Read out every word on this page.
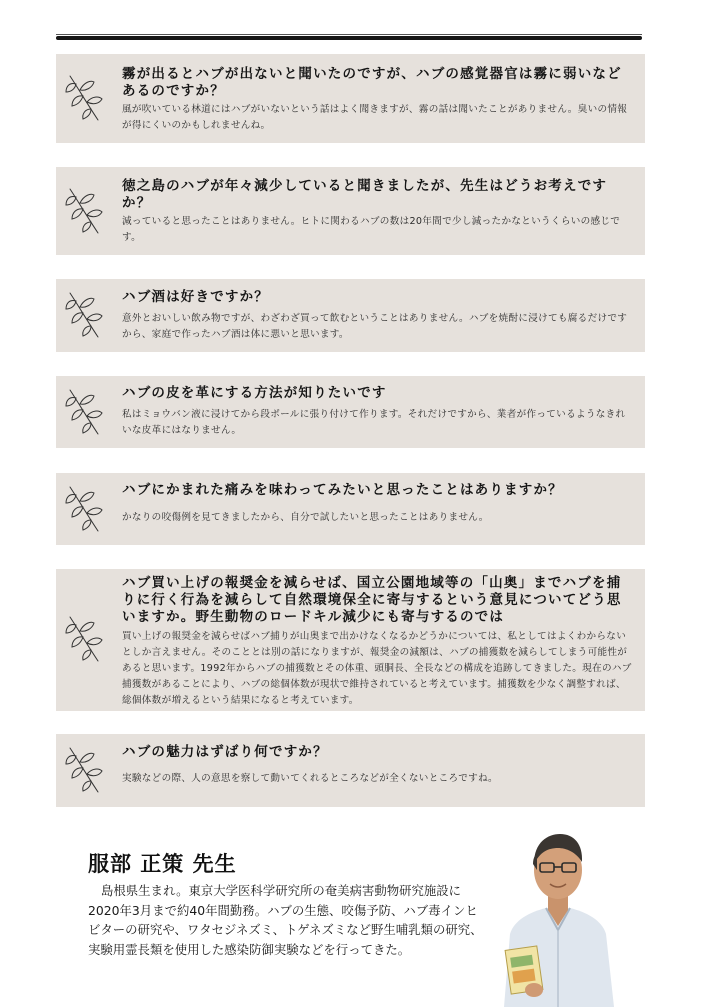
霧が出るとハブが出ないと聞いたのですが、ハブの感覚器官は霧に弱いなどあるのですか？

風が吹いている林道にはハブがいないという話はよく聞きますが、霧の話は聞いたことがありません。臭いの情報が得にくいのかもしれませんね。

徳之島のハブが年々減少していると聞きましたが、先生はどうお考えですか？

減っていると思ったことはありません。ヒトに関わるハブの数は20年間で少し減ったかなというくらいの感じです。

ハブ酒は好きですか？

意外とおいしい飲み物ですが、わざわざ買って飲むということはありません。ハブを焼酎に浸けても腐るだけですから、家庭で作ったハブ酒は体に悪いと思います。

ハブの皮を革にする方法が知りたいです

私はミョウバン液に浸けてから段ボールに張り付けて作ります。それだけですから、業者が作っているようなきれいな皮革にはなりません。

ハブにかまれた痛みを味わってみたいと思ったことはありますか？

かなりの咬傷例を見てきましたから、自分で試したいと思ったことはありません。

ハブ買い上げの報奨金を減らせば、国立公園地域等の「山奥」までハブを捕りに行く行為を減らして自然環境保全に寄与するという意見についてどう思いますか。野生動物のロードキル減少にも寄与するのでは

買い上げの報奨金を減らせばハブ捕りが山奥まで出かけなくなるかどうかについては、私としてはよくわからないとしか言えません。そのこととは別の話になりますが、報奨金の減額は、ハブの捕獲数を減らしてしまう可能性があると思います。1992年からハブの捕獲数とその体重、頭胴長、全長などの構成を追跡してきました。現在のハブ捕獲数があることにより、ハブの総個体数が現状で維持されていると考えています。捕獲数を少なく調整すれば、総個体数が増えるという結果になると考えています。

ハブの魅力はずばり何ですか？

実験などの際、人の意思を察して動いてくれるところなどが全くないところですね。

服部 正策 先生

島根県生まれ。東京大学医科学研究所の奄美病害動物研究施設に2020年3月まで約40年間勤務。ハブの生態、咬傷予防、ハブ毒インヒビターの研究や、ワタセジネズミ、トゲネズミなど野生哺乳類の研究、実験用霊長類を使用した感染防御実験などを行ってきた。
